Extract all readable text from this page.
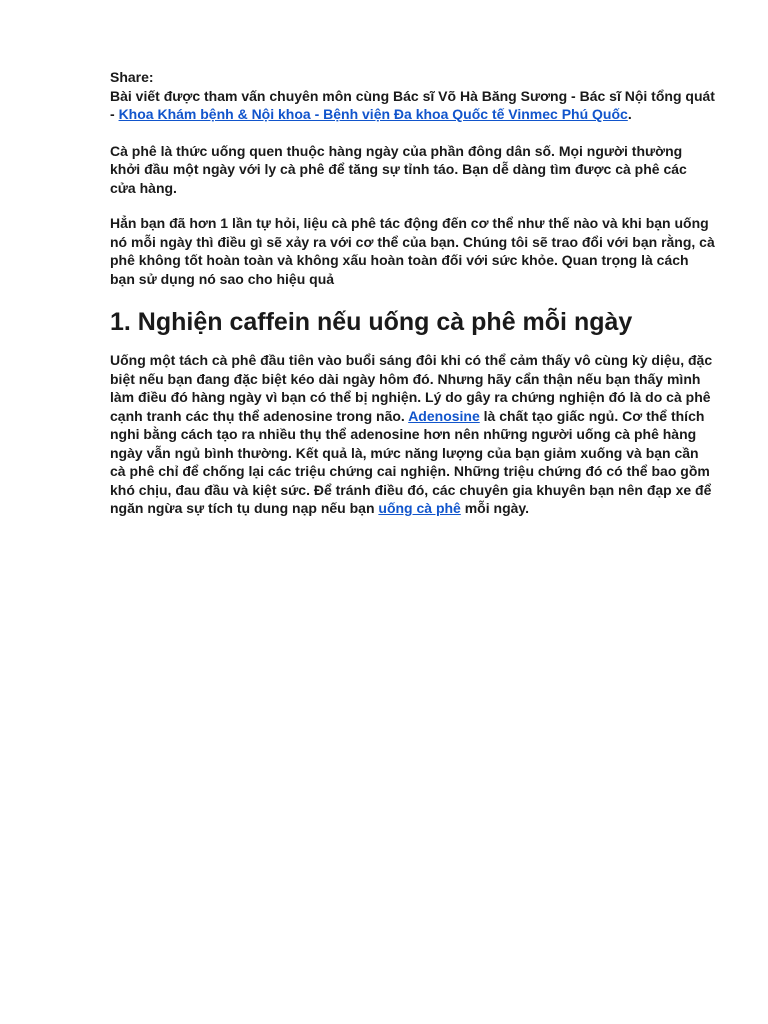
Share:
Bài viết được tham vấn chuyên môn cùng Bác sĩ Võ Hà Băng Sương - Bác sĩ Nội tổng quát - Khoa Khám bệnh & Nội khoa - Bệnh viện Đa khoa Quốc tế Vinmec Phú Quốc.

Cà phê là thức uống quen thuộc hàng ngày của phần đông dân số. Mọi người thường khởi đầu một ngày với ly cà phê để tăng sự tỉnh táo. Bạn dễ dàng tìm được cà phê các cửa hàng.

Hẳn bạn đã hơn 1 lần tự hỏi, liệu cà phê tác động đến cơ thể như thế nào và khi bạn uống nó mỗi ngày thì điều gì sẽ xảy ra với cơ thể của bạn. Chúng tôi sẽ trao đổi với bạn rằng, cà phê không tốt hoàn toàn và không xấu hoàn toàn đối với sức khỏe. Quan trọng là cách bạn sử dụng nó sao cho hiệu quả

1. Nghiện caffein nếu uống cà phê mỗi ngày

Uống một tách cà phê đầu tiên vào buổi sáng đôi khi có thể cảm thấy vô cùng kỳ diệu, đặc biệt nếu bạn đang đặc biệt kéo dài ngày hôm đó. Nhưng hãy cẩn thận nếu bạn thấy mình làm điều đó hàng ngày vì bạn có thể bị nghiện. Lý do gây ra chứng nghiện đó là do cà phê cạnh tranh các thụ thể adenosine trong não. Adenosine là chất tạo giấc ngủ. Cơ thể thích nghi bằng cách tạo ra nhiều thụ thể adenosine hơn nên những người uống cà phê hàng ngày vẫn ngủ bình thường. Kết quả là, mức năng lượng của bạn giảm xuống và bạn cần cà phê chỉ để chống lại các triệu chứng cai nghiện. Những triệu chứng đó có thể bao gồm khó chịu, đau đầu và kiệt sức. Để tránh điều đó, các chuyên gia khuyên bạn nên đạp xe để ngăn ngừa sự tích tụ dung nạp nếu bạn uống cà phê mỗi ngày.
